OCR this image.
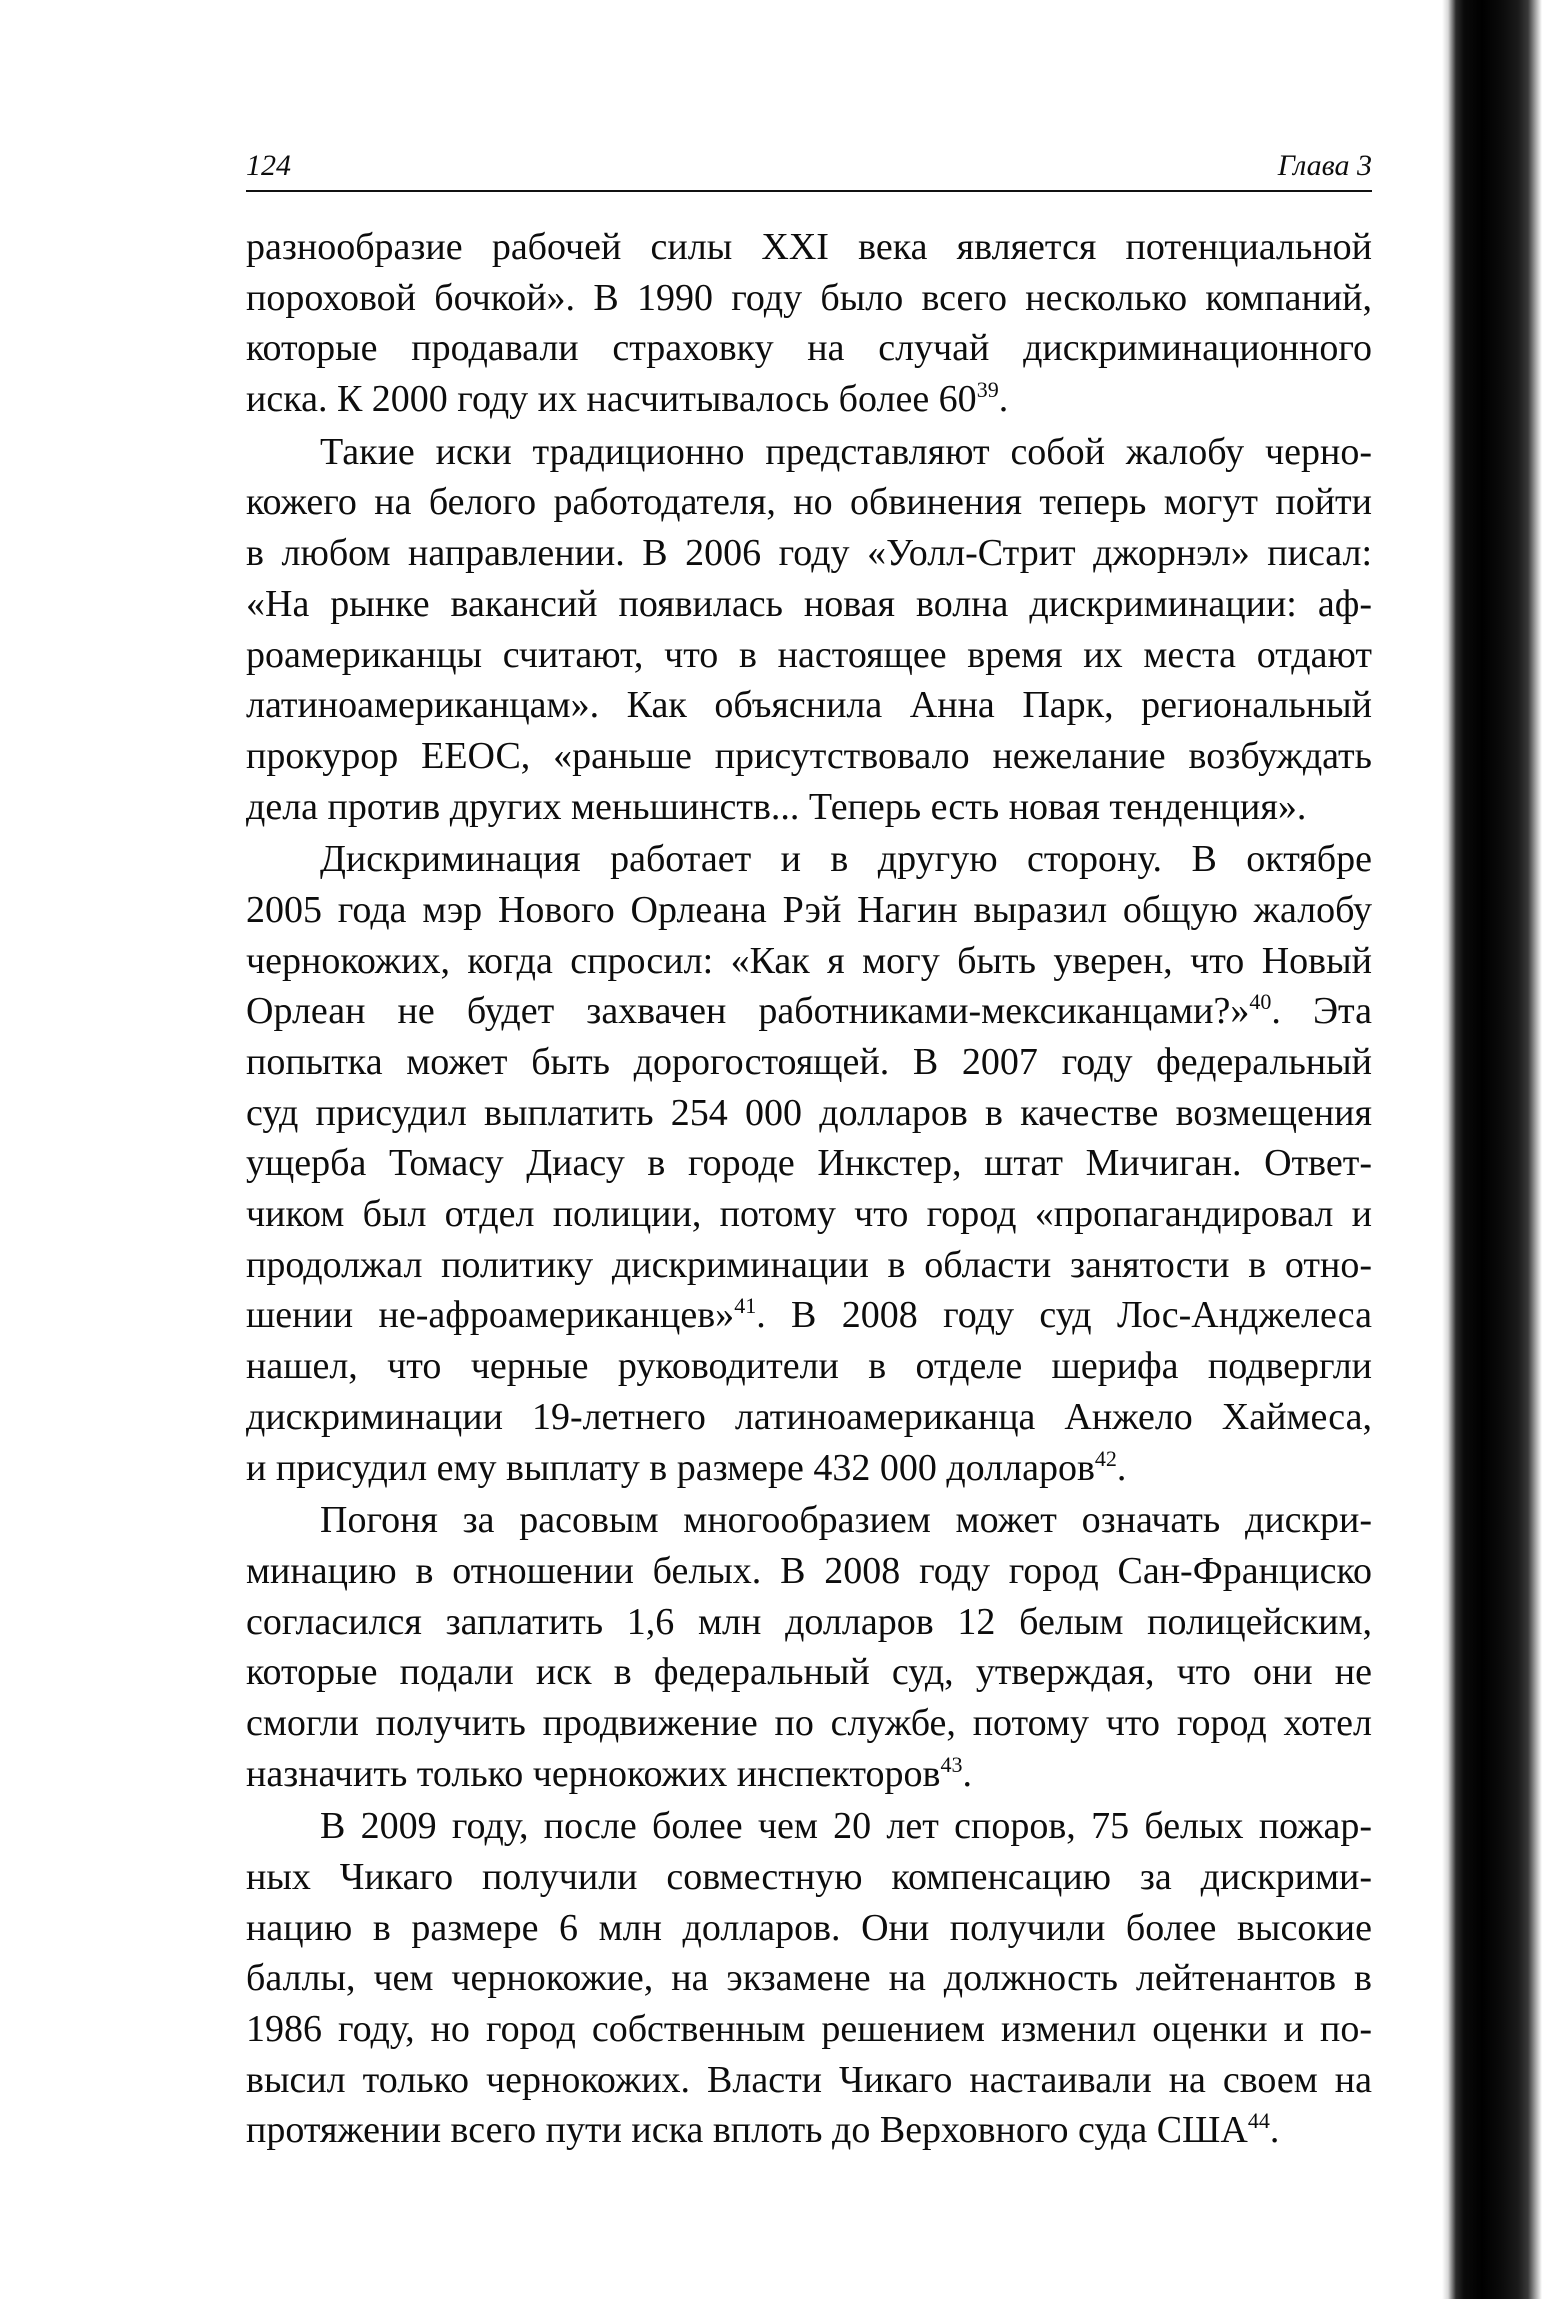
124	Глава 3
разнообразие рабочей силы XXI века является потенциальной
пороховой бочкой». В 1990 году было всего несколько компаний,
которые продавали страховку на случай дискриминационного
иска. К 2000 году их насчитывалось более $60^{39}$.
Такие иски традиционно представляют собой жалобу черно-
кожего на белого работодателя, но обвинения теперь могут пойти
в любом направлении. В 2006 году «Уолл-Стрит джорнэл» писал:
«На рынке вакансий появилась новая волна дискриминации: аф-
роамериканцы считают, что в настоящее время их места отдают
латиноамериканцам». Как объяснила Анна Парк, региональный
прокурор ЕЕОС, «раньше присутствовало нежелание возбуждать
дела против других меньшинств... Теперь есть новая тенденция».
Дискриминация работает и в другую сторону. В октябре
2005 года мэр Нового Орлеана Рэй Нагин выразил общую жалобу
чернокожих, когда спросил: «Как я могу быть уверен, что Новый
Орлеан не будет захвачен работниками-мексиканцами?»$^{40}$. Эта
попытка может быть дорогостоящей. В 2007 году федеральный
суд присудил выплатить 254 000 долларов в качестве возмещения
ущерба Томасу Диасу в городе Инкстер, штат Мичиган. Ответ-
чиком был отдел полиции, потому что город «пропагандировал и
продолжал политику дискриминации в области занятости в отно-
шении не-афроамериканцев»$^{41}$. В 2008 году суд Лос-Анджелеса
нашел, что черные руководители в отделе шерифа подвергли
дискриминации 19-летнего латиноамериканца Анжело Хаймеса,
и присудил ему выплату в размере 432 000 долларов$^{42}$.
Погоня за расовым многообразием может означать дискри-
минацию в отношении белых. В 2008 году город Сан-Франциско
согласился заплатить 1,6 млн долларов 12 белым полицейским,
которые подали иск в федеральный суд, утверждая, что они не
смогли получить продвижение по службе, потому что город хотел
назначить только чернокожих инспекторов$^{43}$.
В 2009 году, после более чем 20 лет споров, 75 белых пожар-
ных Чикаго получили совместную компенсацию за дискрими-
нацию в размере 6 млн долларов. Они получили более высокие
баллы, чем чернокожие, на экзамене на должность лейтенантов в
1986 году, но город собственным решением изменил оценки и по-
высил только чернокожих. Власти Чикаго настаивали на своем на
протяжении всего пути иска вплоть до Верховного суда США$^{44}$.
